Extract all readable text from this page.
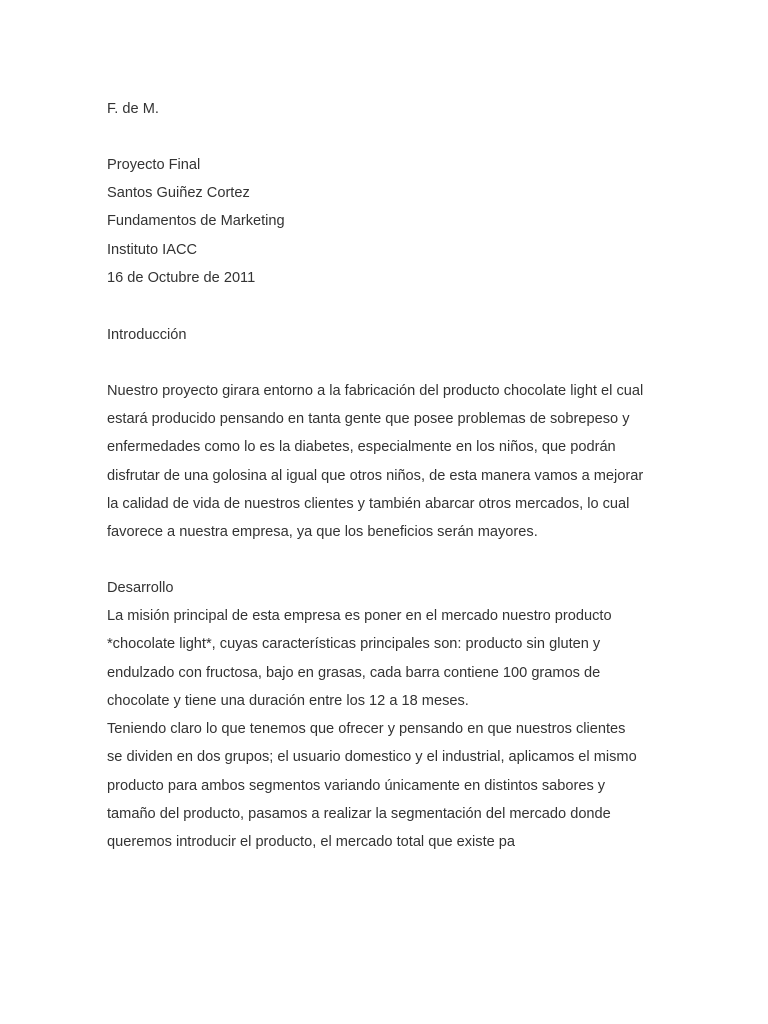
F. de M.
Proyecto Final
Santos Guiñez Cortez
Fundamentos de Marketing
Instituto IACC
16 de Octubre de 2011
Introducción
Nuestro proyecto girara entorno a la fabricación del producto chocolate light el cual
estará producido pensando en tanta gente que posee problemas de sobrepeso y
enfermedades como lo es la diabetes, especialmente en los niños, que podrán
disfrutar de una golosina al igual que otros niños, de esta manera vamos a mejorar
la calidad de vida de nuestros clientes y también abarcar otros mercados, lo cual
favorece a nuestra empresa, ya que los beneficios serán mayores.
Desarrollo
La misión principal de esta empresa es poner en el mercado nuestro producto
*chocolate light*, cuyas características principales son: producto sin gluten y
endulzado con fructosa, bajo en grasas, cada barra contiene 100 gramos de
chocolate y tiene una duración entre los 12 a 18 meses.
Teniendo claro lo que tenemos que ofrecer y pensando en que nuestros clientes
se dividen en dos grupos; el usuario domestico y el industrial, aplicamos el mismo
producto para ambos segmentos variando únicamente en distintos sabores y
tamaño del producto, pasamos a realizar la segmentación del mercado donde
queremos introducir el producto, el mercado total que existe pa
